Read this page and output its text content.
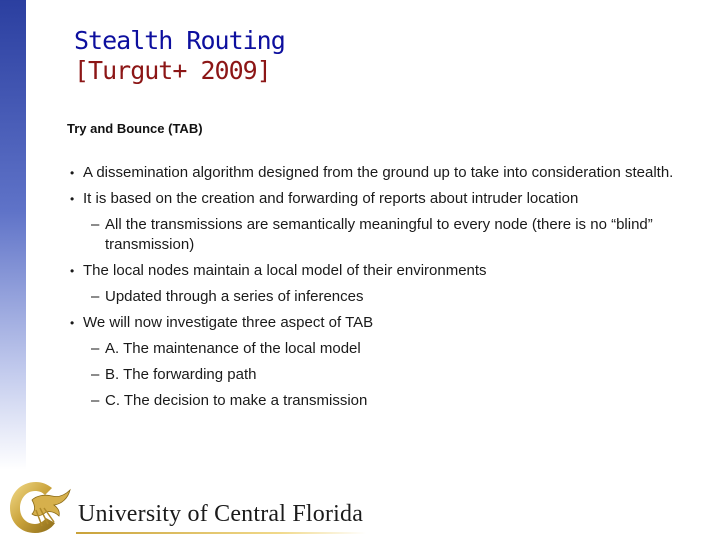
Stealth Routing
[Turgut+ 2009]
Try and Bounce (TAB)
• A dissemination algorithm designed from the ground up to take into consideration stealth.
• It is based on the creation and forwarding of reports about intruder location
– All the transmissions are semantically meaningful to every node (there is no “blind” transmission)
• The local nodes maintain a local model of their environments
– Updated through a series of inferences
• We will now investigate three aspect of TAB
– A. The maintenance of the local model
– B. The forwarding path
– C. The decision to make a transmission
University of Central Florida
